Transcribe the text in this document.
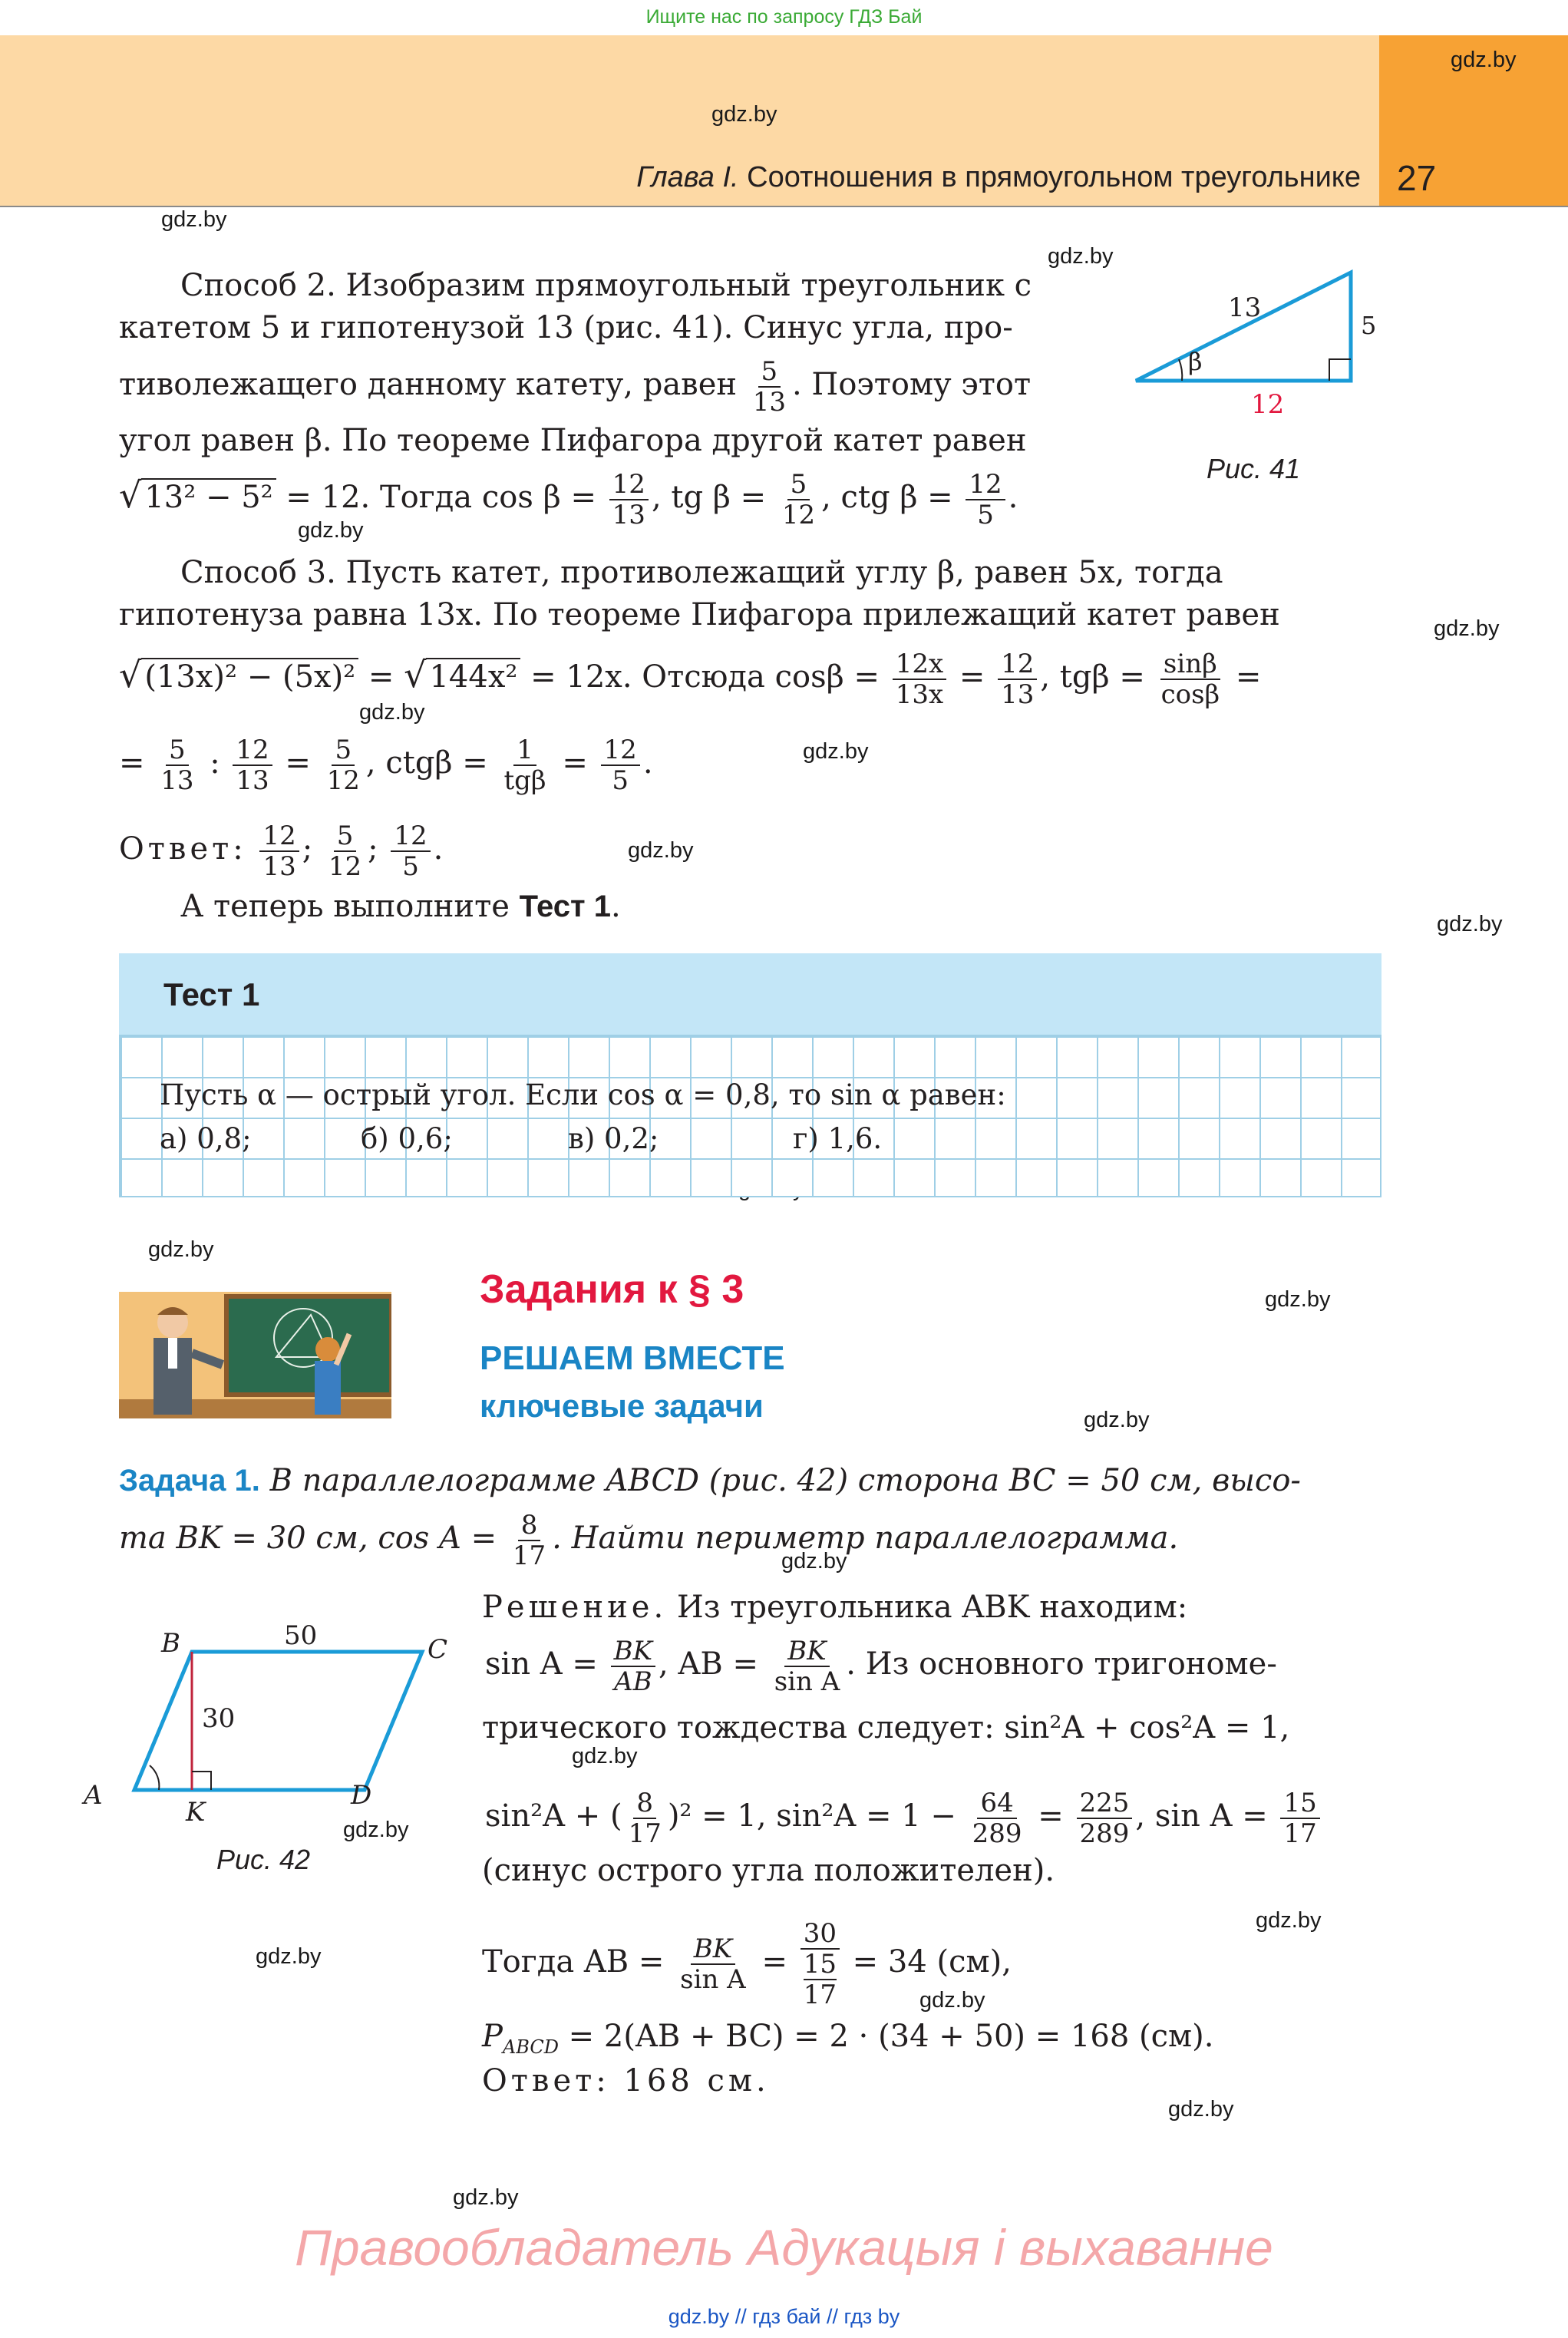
Ищите нас по запросу ГДЗ Бай
gdz.by
gdz.by
Глава I. Соотношения в прямоугольном треугольнике 27
gdz.by
gdz.by
gdz.by
gdz.by
gdz.by
gdz.by
gdz.by
gdz.by
gdz.by
gdz.by
gdz.by
gdz.by
gdz.by
gdz.by
gdz.by
gdz.by
gdz.by
gdz.by
gdz.by
Способ 2. Изобразим прямоугольный треугольник с
катетом 5 и гипотенузой 13 (рис. 41). Синус угла, про-
тиволежащего данному катету, равен $\frac{5}{13}$ . Поэтому этот
угол равен β. По теореме Пифагора другой катет равен
√ 13² − 5² = 12. Тогда $\cos \beta = \frac{12}{13}$ , tg $\beta = \frac{5}{12}$ , ctg $\beta = \frac{12}{5}$ .
13
5
12
β
Рис. 41
Способ 3. Пусть катет, противолежащий углу β, равен 5x, тогда
гипотенуза равна 13x. По теореме Пифагора прилежащий катет равен
√ (13x)² − (5x)² = √ 144x² = 12x. Отсюда $\cos\beta = \frac{12x}{13x} = \frac{12}{13}$ , $tg\beta = \frac{\sin\beta}{\cos\beta}$ =
= $\frac{5}{13}$ : $\frac{12}{13} = \frac{5}{12}$ , $ctg\beta = \frac{1}{\text{tgβ}} = \frac{12}{5}$ .
Ответ: $\frac{12}{13}$ ; $\frac{5}{12}$ ; $\frac{12}{5}$ .
А теперь выполните Тест 1.
Тест 1
Пусть α — острый угол. Если cos α = 0,8, то sin α равен:
а) 0,8;	б) 0,6;	в) 0,2;	г) 1,6.
Задания к § 3
РЕШАЕМ ВМЕСТЕ
ключевые задачи
Задача 1. В параллелограмме ABCD (рис. 42) сторона BC = 50 см, высо-
та BK = 30 см, $\cos A = \frac{8}{17}$ . Найти периметр параллелограмма.
B	C
A	D
K
50
30
Рис. 42
Решение. Из треугольника ABK находим:
$\sin A = \frac{BK}{AB}$ , AB = $\frac{BK}{\text{sin A}}$ . Из основного тригономе-
трического тождества следует: sin²A + cos²A = 1,
sin²A + ( $\frac{8}{17} )^2 = 1$, $\sin^2A = 1 - \frac{64}{289} = \frac{225}{289}$ , $\sin A = \frac{15}{17}$
(синус острого угла положителен).
Тогда AB = $\frac{BK}{\text{sin A}} = \frac{30}{\frac{15}{17}} = 34$ (см),
$P_{ABCD} = 2(AB + BC) = 2 \cdot (34 + 50) = 168$ (см).
Ответ: 168 см.
Правообладатель Адукацыя і выхаванне
gdz.by // гдз бай // гдз by
